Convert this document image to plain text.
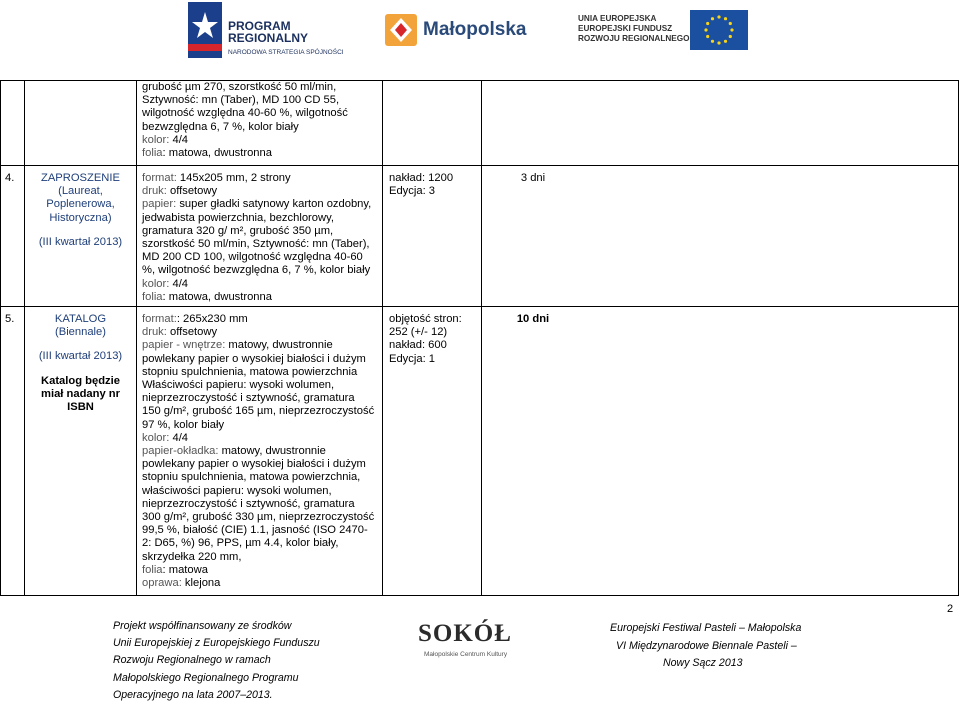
PROGRAM
REGIONALNY
NARODOWA STRATEGIA SPÓJNOŚCI
Małopolska
UNIA EUROPEJSKA
EUROPEJSKI FUNDUSZ
ROZWOJU REGIONALNEGO

grubość µm 270, szorstkość 50 ml/min,

Sztywność: mn (Taber), MD 100 CD 55,

wilgotność względna 40-60 %, wilgotność

bezwzględna 6, 7 %, kolor biały

kolor: 4/4

folia: matowa, dwustronna

4.	ZAPROSZENIE

(Laureat,

Poplenerowa,

Historyczna)

(III kwartał 2013)

format: 145x205 mm, 2 strony

druk: offsetowy

papier: super gładki satynowy karton ozdobny,

jedwabista powierzchnia, bezchlorowy,

gramatura 320 g/ m², grubość 350 µm,

szorstkość 50 ml/min, Sztywność: mn (Taber),

MD 200 CD 100, wilgotność względna 40-60

%, wilgotność bezwzględna 6, 7 %, kolor biały

kolor: 4/4

folia: matowa, dwustronna

nakład: 1200

Edycja: 3

3 dni

5.	KATALOG

(Biennale)

(III kwartał 2013)

Katalog będzie

miał nadany nr

ISBN

format:: 265x230 mm

druk: offsetowy

papier - wnętrze: matowy, dwustronnie

powlekany papier o wysokiej białości i dużym

stopniu spulchnienia, matowa powierzchnia

Właściwości papieru: wysoki wolumen,

nieprzezroczystość i sztywność, gramatura

150 g/m², grubość 165 µm, nieprzezroczystość

97 %, kolor biały

kolor: 4/4

papier-okładka: matowy, dwustronnie

powlekany papier o wysokiej białości i dużym

stopniu spulchnienia, matowa powierzchnia,

właściwości papieru: wysoki wolumen,

nieprzezroczystość i sztywność, gramatura

300 g/m², grubość 330 µm, nieprzezroczystość

99,5 %, białość (CIE) 1.1, jasność (ISO 2470-

2: D65, %) 96, PPS, µm 4.4, kolor biały,

skrzydełka 220 mm,

folia: matowa

oprawa: klejona

objętość stron:

252 (+/- 12)

nakład: 600

Edycja: 1

10 dni

2
Projekt współfinansowany ze środków
Unii Europejskiej z Europejskiego Funduszu
Rozwoju Regionalnego w ramach
Małopolskiego Regionalnego Programu
Operacyjnego na lata 2007–2013.
SOKÓŁ
Małopolskie Centrum Kultury
Europejski Festiwal Pasteli – Małopolska
VI Międzynarodowe Biennale Pasteli –
Nowy Sącz 2013
